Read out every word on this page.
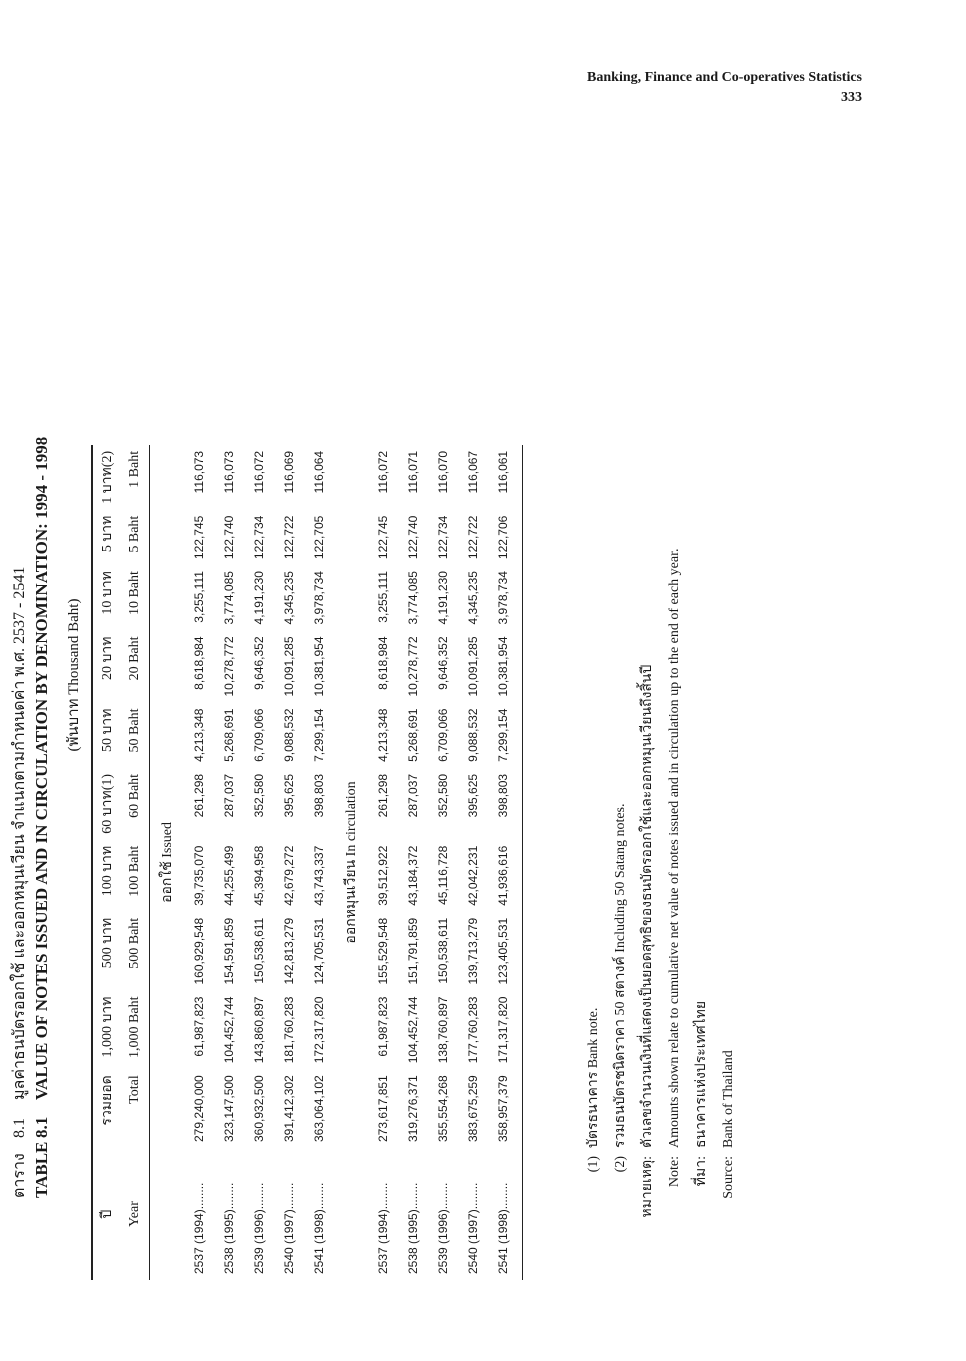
Banking, Finance and Co-operatives Statistics
333
ตาราง
8.1
มูลค่าธนบัตรออกใช้ และออกหมุนเวียน จำแนกตามกำหนดค่า พ.ศ. 2537 - 2541
TABLE
8.1
VALUE OF NOTES ISSUED AND IN CIRCULATION BY DENOMINATION: 1994 - 1998	(พันบาท Thousand Baht)
ปี	รวมยอด	1,000 บาท	500 บาท	100 บาท	60 บาท(1)	50 บาท	20 บาท	10 บาท	5 บาท	1 บาท(2)
Year	Total	1,000 Baht	500 Baht	100 Baht	60 Baht	50 Baht	20 Baht	10 Baht	5 Baht	1 Baht
ออกใช้ Issued										
2537 (1994)........	279,240,000	61,987,823	160,929,548	39,735,070	261,298	4,213,348	8,618,984	3,255,111	122,745	116,073
2538 (1995)........	323,147,500	104,452,744	154,591,859	44,255,499	287,037	5,268,691	10,278,772	3,774,085	122,740	116,073
2539 (1996)........	360,932,500	143,860,897	150,538,611	45,394,958	352,580	6,709,066	9,646,352	4,191,230	122,734	116,072
2540 (1997)........	391,412,302	181,760,283	142,813,279	42,679,272	395,625	9,088,532	10,091,285	4,345,235	122,722	116,069
2541 (1998)........	363,064,102	172,317,820	124,705,531	43,743,337	398,803	7,299,154	10,381,954	3,978,734	122,705	116,064
ออกหมุนเวียน In circulation										
2537 (1994)........	273,617,851	61,987,823	155,529,548	39,512,922	261,298	4,213,348	8,618,984	3,255,111	122,745	116,072
2538 (1995)........	319,276,371	104,452,744	151,791,859	43,184,372	287,037	5,268,691	10,278,772	3,774,085	122,740	116,071
2539 (1996)........	355,554,268	138,760,897	150,538,611	45,116,728	352,580	6,709,066	9,646,352	4,191,230	122,734	116,070
2540 (1997)........	383,675,259	177,760,283	139,713,279	42,042,231	395,625	9,088,532	10,091,285	4,345,235	122,722	116,067
2541 (1998)........	358,957,379	171,317,820	123,405,531	41,936,616	398,803	7,299,154	10,381,954	3,978,734	122,706	116,061

(1)
บัตรธนาคาร Bank note.
(2)
รวมธนบัตรชนิดราคา 50 สตางค์ Including 50 Satang notes.
หมายเหตุ:
ตัวเลขจำนวนเงินที่แสดงเป็นยอดสุทธิของธนบัตรออกใช้และออกหมุนเวียนถึงสิ้นปี
Note:
Amounts shown relate to cumulative net value of notes issued and in circulation up to the end of each year.
ที่มา:
ธนาคารแห่งประเทศไทย
Source:
Bank of Thailand
